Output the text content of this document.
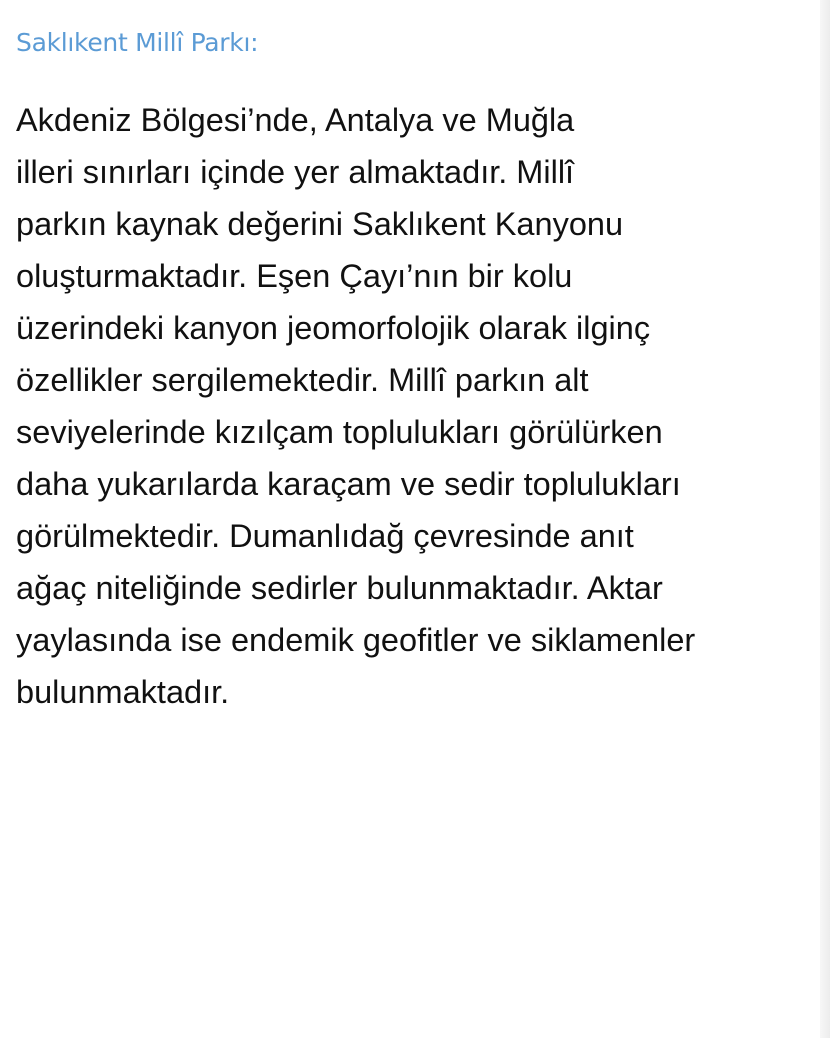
Saklıkent Millî Parkı:

Akdeniz Bölgesi’nde, Antalya ve Muğla
illeri sınırları içinde yer almaktadır. Millî
parkın kaynak değerini Saklıkent Kanyonu
oluşturmaktadır. Eşen Çayı’nın bir kolu
üzerindeki kanyon jeomorfolojik olarak ilginç
özellikler sergilemektedir. Millî parkın alt
seviyelerinde kızılçam toplulukları görülürken
daha yukarılarda karaçam ve sedir toplulukları
görülmektedir. Dumanlıdağ çevresinde anıt
ağaç niteliğinde sedirler bulunmaktadır. Aktar
yaylasında ise endemik geofitler ve siklamenler
bulunmaktadır.
